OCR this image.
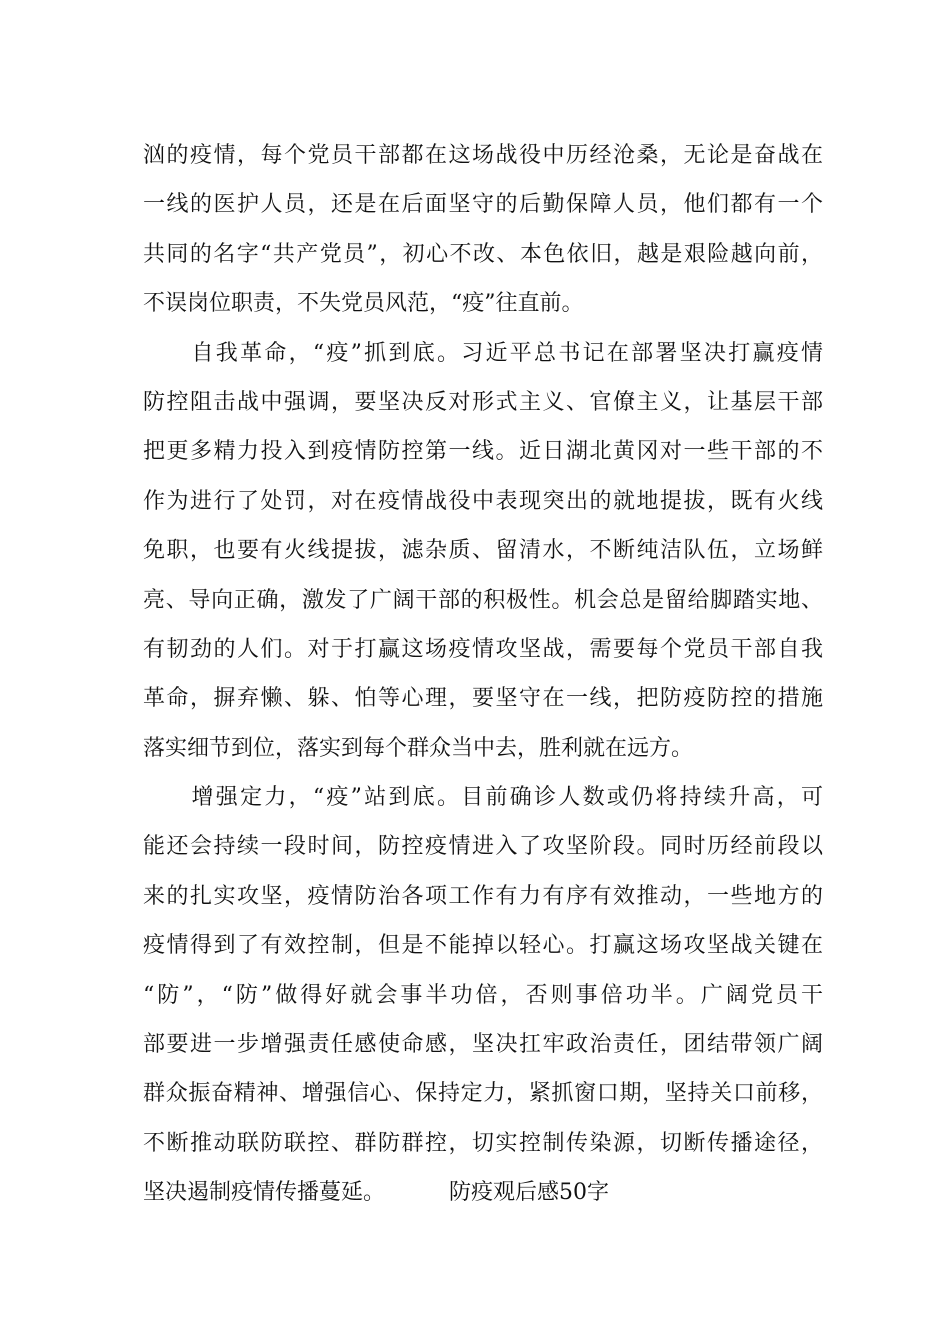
汹的疫情，每个党员干部都在这场战役中历经沧桑，无论是奋战在
一线的医护人员，还是在后面坚守的后勤保障人员，他们都有一个
共同的名字“共产党员”，初心不改、本色依旧，越是艰险越向前，
不误岗位职责，不失党员风范，“疫”往直前。
　　自我革命，“疫”抓到底。习近平总书记在部署坚决打赢疫情
防控阻击战中强调，要坚决反对形式主义、官僚主义，让基层干部
把更多精力投入到疫情防控第一线。近日湖北黄冈对一些干部的不
作为进行了处罚，对在疫情战役中表现突出的就地提拔，既有火线
免职，也要有火线提拔，滤杂质、留清水，不断纯洁队伍，立场鲜
亮、导向正确，激发了广阔干部的积极性。机会总是留给脚踏实地、
有韧劲的人们。对于打赢这场疫情攻坚战，需要每个党员干部自我
革命，摒弃懒、躲、怕等心理，要坚守在一线，把防疫防控的措施
落实细节到位，落实到每个群众当中去，胜利就在远方。
　　增强定力，“疫”站到底。目前确诊人数或仍将持续升高，可
能还会持续一段时间，防控疫情进入了攻坚阶段。同时历经前段以
来的扎实攻坚，疫情防治各项工作有力有序有效推动，一些地方的
疫情得到了有效控制，但是不能掉以轻心。打赢这场攻坚战关键在
“防”，“防”做得好就会事半功倍，否则事倍功半。广阔党员干
部要进一步增强责任感使命感，坚决扛牢政治责任，团结带领广阔
群众振奋精神、增强信心、保持定力，紧抓窗口期，坚持关口前移，
不断推动联防联控、群防群控，切实控制传染源，切断传播途径，
坚决遏制疫情传播蔓延。	防疫观后感50字
